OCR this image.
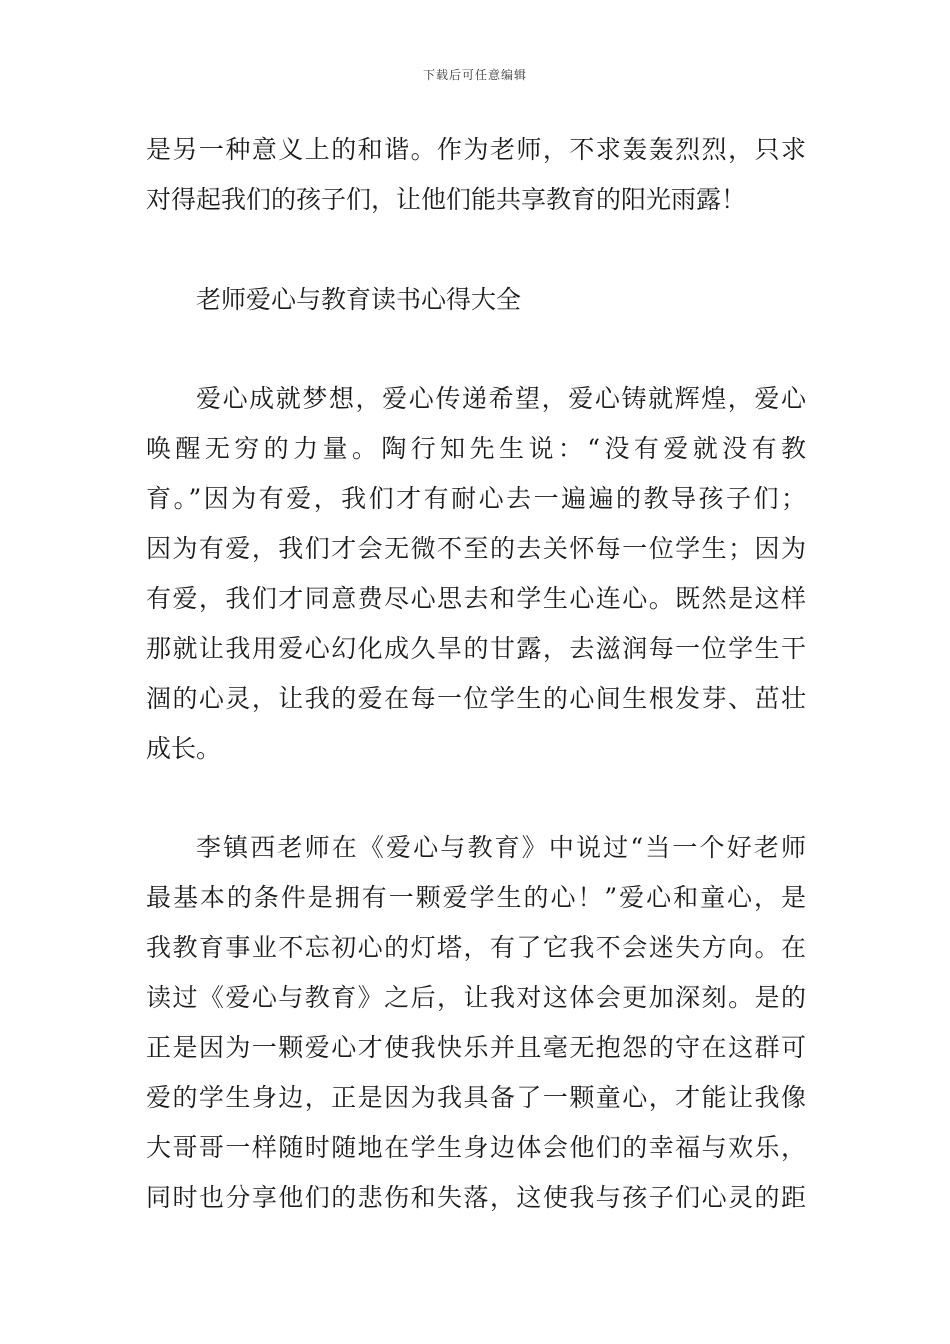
下载后可任意编辑
是另一种意义上的和谐。作为老师，不求轰轰烈烈，只求
对得起我们的孩子们，让他们能共享教育的阳光雨露！
老师爱心与教育读书心得大全
爱心成就梦想，爱心传递希望，爱心铸就辉煌，爱心
唤醒无穷的力量。陶行知先生说：“没有爱就没有教
育。”因为有爱，我们才有耐心去一遍遍的教导孩子们；
因为有爱，我们才会无微不至的去关怀每一位学生；因为
有爱，我们才同意费尽心思去和学生心连心。既然是这样
那就让我用爱心幻化成久旱的甘露，去滋润每一位学生干
涸的心灵，让我的爱在每一位学生的心间生根发芽、茁壮
成长。
李镇西老师在《爱心与教育》中说过“当一个好老师
最基本的条件是拥有一颗爱学生的心！”爱心和童心，是
我教育事业不忘初心的灯塔，有了它我不会迷失方向。在
读过《爱心与教育》之后，让我对这体会更加深刻。是的
正是因为一颗爱心才使我快乐并且毫无抱怨的守在这群可
爱的学生身边，正是因为我具备了一颗童心，才能让我像
大哥哥一样随时随地在学生身边体会他们的幸福与欢乐，
同时也分享他们的悲伤和失落，这使我与孩子们心灵的距
